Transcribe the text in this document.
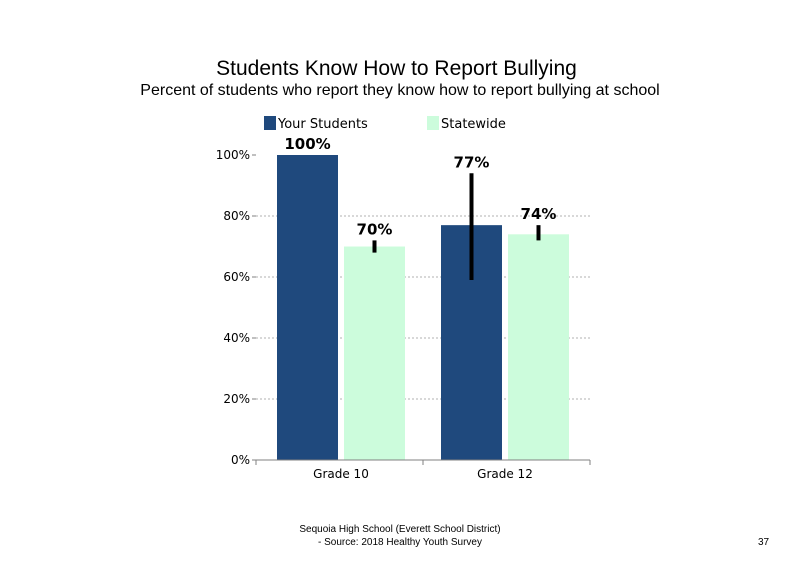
Students Know How to Report Bullying
Percent of students who report they know how to report bullying at school
0%
20%
40%
60%
80%
100%
100%
77%
70%
74%
Grade 10	Grade 12
Your Students	Statewide
Sequoia High School (Everett School District)
- Source: 2018 Healthy Youth Survey	37
